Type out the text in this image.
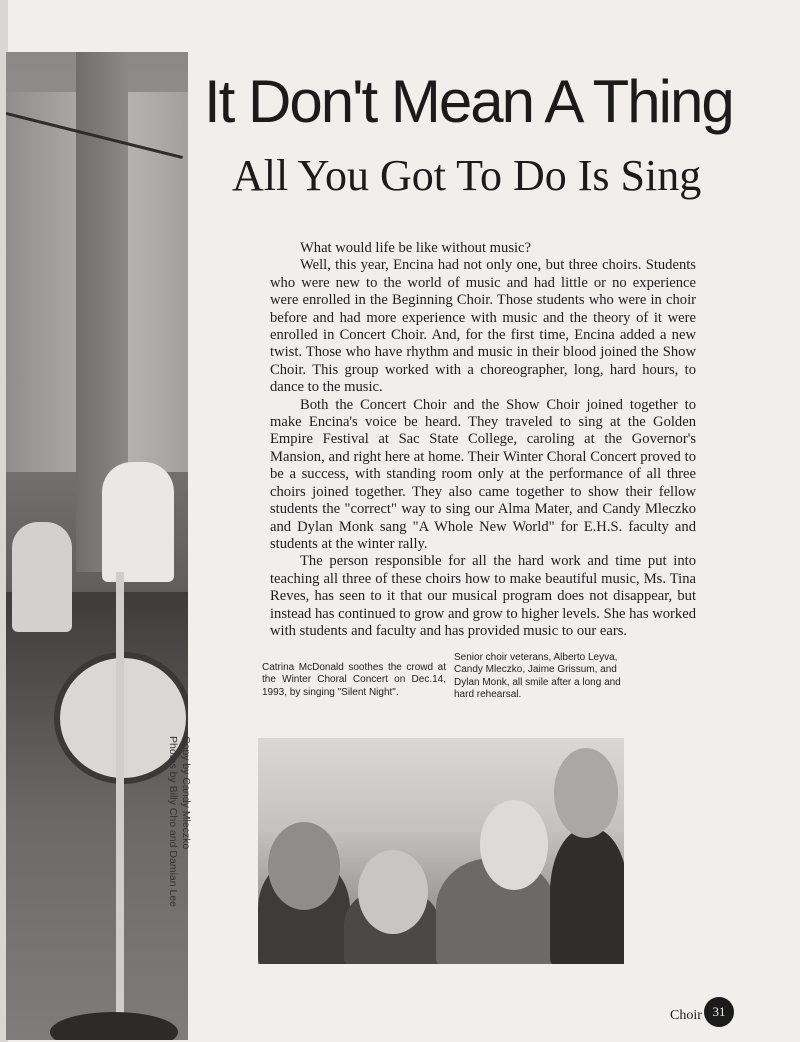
It Don't Mean A Thing
All You Got To Do Is Sing

What would life be like without music?

Well, this year, Encina had not only one, but three choirs. Students who were new to the world of music and had little or no experience were enrolled in the Beginning Choir. Those students who were in choir before and had more experience with music and the theory of it were enrolled in Concert Choir. And, for the first time, Encina added a new twist. Those who have rhythm and music in their blood joined the Show Choir. This group worked with a choreographer, long, hard hours, to dance to the music.

Both the Concert Choir and the Show Choir joined together to make Encina's voice be heard. They traveled to sing at the Golden Empire Festival at Sac State College, caroling at the Governor's Mansion, and right here at home. Their Winter Choral Concert proved to be a success, with standing room only at the performance of all three choirs joined together. They also came together to show their fellow students the "correct" way to sing our Alma Mater, and Candy Mleczko and Dylan Monk sang "A Whole New World" for E.H.S. faculty and students at the winter rally.

The person responsible for all the hard work and time put into teaching all three of these choirs how to make beautiful music, Ms. Tina Reves, has seen to it that our musical program does not disappear, but instead has continued to grow and grow to higher levels. She has worked with students and faculty and has provided music to our ears.

Catrina McDonald soothes the crowd at the Winter Choral Concert on Dec.14, 1993, by singing "Silent Night".
Senior choir veterans, Alberto Leyva, Candy Mleczko, Jaime Grissum, and Dylan Monk, all smile after a long and hard rehearsal.
Copy by Candy Mleczko
Photos by Billy Cho and Damian Lee
Choir 31
